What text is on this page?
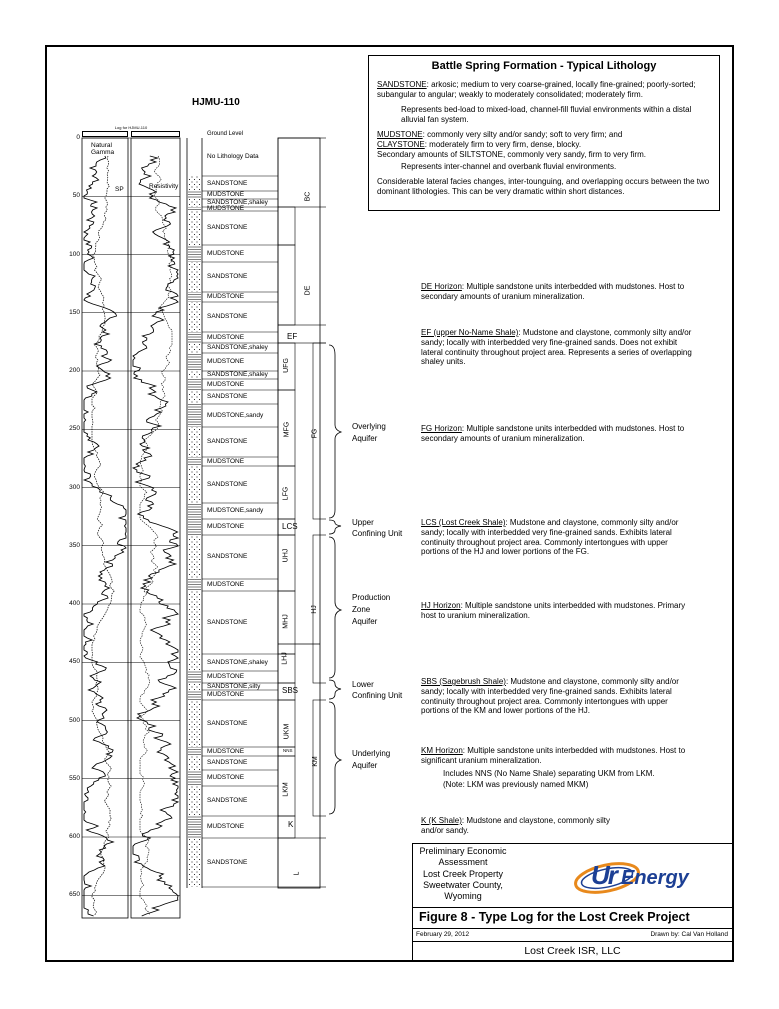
Battle Spring Formation - Typical Lithology

SANDSTONE: arkosic; medium to very coarse-grained, locally fine-grained; poorly-sorted; subangular to angular; weakly to moderately consolidated; moderately firm.

Represents bed-load to mixed-load, channel-fill fluvial environments within a distal alluvial fan system.

MUDSTONE: commonly very silty and/or sandy; soft to very firm; and
CLAYSTONE: moderately firm to very firm, dense, blocky.
Secondary amounts of SILTSTONE, commonly very sandy, firm to very firm.

Represents inter-channel and overbank fluvial environments.

Considerable lateral facies changes, inter-tounguing, and overlapping occurs between the two dominant lithologies. This can be very dramatic within short distances.

HJMU-110
Log for HJMU-110
Natural
Gamma
SP	Resistivity
0
50
100
150
200
250
300
350
400
450
500
550
600
650
Ground Level
No Lithology Data
SANDSTONE
MUDSTONE
SANDSTONE,shaley
MUDSTONE
SANDSTONE
MUDSTONE
SANDSTONE
MUDSTONE
SANDSTONE
MUDSTONE
SANDSTONE,shaley
MUDSTONE
SANDSTONE,shaley
MUDSTONE
SANDSTONE
MUDSTONE,sandy
SANDSTONE
MUDSTONE
SANDSTONE
MUDSTONE,sandy
MUDSTONE
SANDSTONE
MUDSTONE
SANDSTONE
SANDSTONE,shaley
MUDSTONE
SANDSTONE,silty
MUDSTONE
SANDSTONE
MUDSTONE
SANDSTONE
MUDSTONE
SANDSTONE
MUDSTONE
SANDSTONE
UFG
MFG
LFG
UHJ
MHJ
LHJ
UKM
NNS
LKM
BC
DE
EF
FG
LCS
HJ
SBS
KM
K
L
Overlying
Aquifer
Upper
Confining Unit
Production
Zone
Aquifer
Lower
Confining Unit
Underlying
Aquifer
DE Horizon: Multiple sandstone units interbedded with mudstones. Host to secondary amounts of uranium mineralization.
EF (upper No-Name Shale): Mudstone and claystone, commonly silty and/or sandy; locally with interbedded very fine-grained sands. Does not exhibit lateral continuity throughout project area. Represents a series of overlapping shaley units.
FG Horizon: Multiple sandstone units interbedded with mudstones. Host to secondary amounts of uranium mineralization.
LCS (Lost Creek Shale): Mudstone and claystone, commonly silty and/or sandy; locally with interbedded very fine-grained sands. Exhibits lateral continuity throughout project area. Commonly intertongues with upper portions of the HJ and lower portions of the FG.
HJ Horizon: Multiple sandstone units interbedded with mudstones. Primary host to uranium mineralization.
SBS (Sagebrush Shale): Mudstone and claystone, commonly silty and/or sandy; locally with interbedded very fine-grained sands. Exhibits lateral continuity throughout project area. Commonly intertongues with upper portions of the KM and lower portions of the HJ.
KM Horizon: Multiple sandstone units interbedded with mudstones. Host to significant uranium mineralization.
Includes NNS (No Name Shale) separating UKM from LKM.
(Note: LKM was previously named MKM)
K (K Shale): Mudstone and claystone, commonly silty and/or sandy.
Preliminary Economic
Assessment
Lost Creek Property
Sweetwater County,
Wyoming
Ur Energy
Figure 8 - Type Log for the Lost Creek Project
February 29, 2012	Drawn by: Cal Van Holland
Lost Creek ISR, LLC
